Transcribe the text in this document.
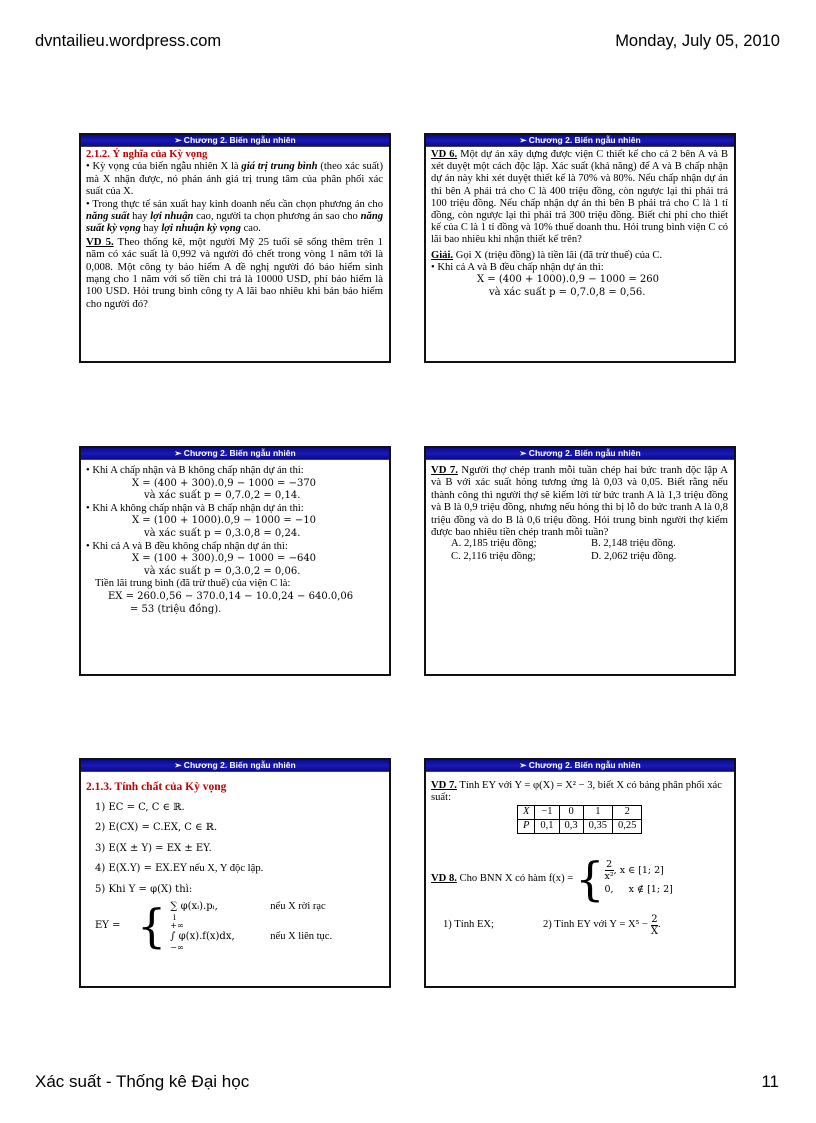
dvntailieu.wordpress.com	Monday, July 05, 2010
➢ Chương 2. Biến ngẫu nhiên
2.1.2. Ý nghĩa của Kỳ vọng
• Kỳ vọng của biến ngẫu nhiên X là giá trị trung bình (theo xác suất) mà X nhận được, nó phản ánh giá trị trung tâm của phân phối xác suất của X.
• Trong thực tế sản xuất hay kinh doanh nếu cần chọn phương án cho năng suất hay lợi nhuận cao, người ta chọn phương án sao cho năng suất kỳ vọng hay lợi nhuận kỳ vọng cao.
VD 5. Theo thống kê, một người Mỹ 25 tuổi sẽ sống thêm trên 1 năm có xác suất là 0,992 và người đó chết trong vòng 1 năm tới là 0,008. Một công ty bảo hiểm A đề nghị người đó bảo hiểm sinh mạng cho 1 năm với số tiền chi trả là 10000 USD, phí bảo hiểm là 100 USD. Hỏi trung bình công ty A lãi bao nhiêu khi bán bảo hiểm cho người đó?
➢ Chương 2. Biến ngẫu nhiên
VD 6. Một dự án xây dựng được viện C thiết kế cho cả 2 bên A và B xét duyệt một cách độc lập. Xác suất (khả năng) để A và B chấp nhận dự án này khi xét duyệt thiết kế là 70% và 80%. Nếu chấp nhận dự án thì bên A phải trả cho C là 400 triệu đồng, còn ngược lại thì phải trả 100 triệu đồng. Nếu chấp nhận dự án thì bên B phải trả cho C là 1 tỉ đồng, còn ngược lại thì phải trả 300 triệu đồng. Biết chi phí cho thiết kế của C là 1 tỉ đồng và 10% thuế doanh thu. Hỏi trung bình viện C có lãi bao nhiêu khi nhận thiết kế trên?
Giải. Gọi X (triệu đồng) là tiền lãi (đã trừ thuế) của C.
• Khi cả A và B đều chấp nhận dự án thì:
X = (400 + 1000).0,9 − 1000 = 260
và xác suất p = 0,7.0,8 = 0,56.
➢ Chương 2. Biến ngẫu nhiên
• Khi A chấp nhận và B không chấp nhận dự án thì:
X = (400 + 300).0,9 − 1000 = −370
và xác suất p = 0,7.0,2 = 0,14.
• Khi A không chấp nhận và B chấp nhận dự án thì:
X = (100 + 1000).0,9 − 1000 = −10
và xác suất p = 0,3.0,8 = 0,24.
• Khi cả A và B đều không chấp nhận dự án thì:
X = (100 + 300).0,9 − 1000 = −640
và xác suất p = 0,3.0,2 = 0,06.
Tiền lãi trung bình (đã trừ thuế) của viện C là:
EX = 260.0,56 − 370.0,14 − 10.0,24 − 640.0,06
= 53 (triệu đồng).
➢ Chương 2. Biến ngẫu nhiên
VD 7. Người thợ chép tranh mỗi tuần chép hai bức tranh độc lập A và B với xác suất hỏng tương ứng là 0,03 và 0,05. Biết rằng nếu thành công thì người thợ sẽ kiếm lời từ bức tranh A là 1,3 triệu đồng và B là 0,9 triệu đồng, nhưng nếu hỏng thì bị lỗ do bức tranh A là 0,8 triệu đồng và do B là 0,6 triệu đồng. Hỏi trung bình người thợ kiếm được bao nhiêu tiền chép tranh mỗi tuần?
A. 2,185 triệu đồng;	B. 2,148 triệu đồng.
C. 2,116 triệu đồng;	D. 2,062 triệu đồng.
➢ Chương 2. Biến ngẫu nhiên
2.1.3. Tính chất của Kỳ vọng
1) EC = C, C ∈ ℝ.
2) E(CX) = C.EX, C ∈ ℝ.
3) E(X ± Y) = EX ± EY.
4) E(X.Y) = EX.EY nếu X, Y độc lập.
5) Khi Y = φ(X) thì:
EY = { ∑ φ(xᵢ).pᵢ,	nếu X rời rạc
i
+∞
∫ φ(x).f(x)dx,	nếu X liên tục.
−∞
➢ Chương 2. Biến ngẫu nhiên
VD 7. Tính EY với Y = φ(X) = X² − 3, biết X có bảng phân phối xác suất:
X	−1	0	1	2
P	0,1	0,3	0,35	0,25
VD 8. Cho BNN X có hàm f(x) = { $\frac{2}{\text{x²}}$ , x ∈ [1; 2]
0,     x ∉ [1; 2]
1) Tính EX;	2) Tính EY với $Y = X^5 - \frac{2}{X}$ .
Xác suất - Thống kê Đại học	11
